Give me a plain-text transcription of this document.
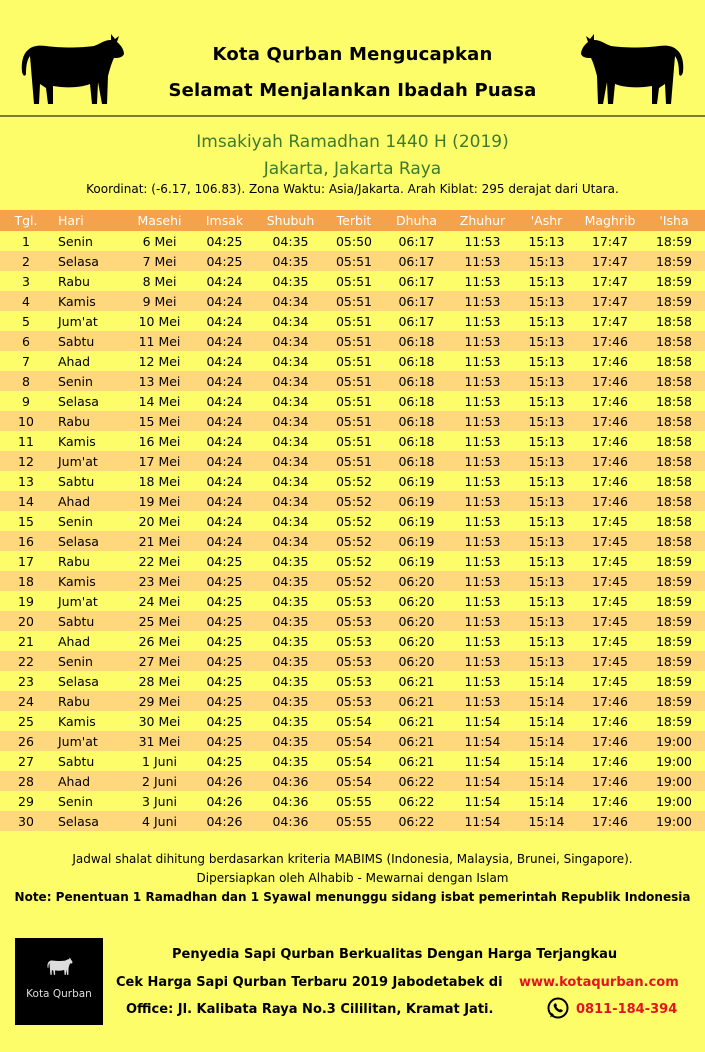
Kota Qurban Mengucapkan
Selamat Menjalankan Ibadah Puasa
Imsakiyah Ramadhan 1440 H (2019)
Jakarta, Jakarta Raya
Koordinat: (-6.17, 106.83). Zona Waktu: Asia/Jakarta. Arah Kiblat: 295 derajat dari Utara.
Tgl.	Hari	Masehi	Imsak	Shubuh	Terbit	Dhuha	Zhuhur	'Ashr	Maghrib	'Isha
1	Senin	6 Mei	04:25	04:35	05:50	06:17	11:53	15:13	17:47	18:59
2	Selasa	7 Mei	04:25	04:35	05:51	06:17	11:53	15:13	17:47	18:59
3	Rabu	8 Mei	04:24	04:35	05:51	06:17	11:53	15:13	17:47	18:59
4	Kamis	9 Mei	04:24	04:34	05:51	06:17	11:53	15:13	17:47	18:59
5	Jum'at	10 Mei	04:24	04:34	05:51	06:17	11:53	15:13	17:47	18:58
6	Sabtu	11 Mei	04:24	04:34	05:51	06:18	11:53	15:13	17:46	18:58
7	Ahad	12 Mei	04:24	04:34	05:51	06:18	11:53	15:13	17:46	18:58
8	Senin	13 Mei	04:24	04:34	05:51	06:18	11:53	15:13	17:46	18:58
9	Selasa	14 Mei	04:24	04:34	05:51	06:18	11:53	15:13	17:46	18:58
10	Rabu	15 Mei	04:24	04:34	05:51	06:18	11:53	15:13	17:46	18:58
11	Kamis	16 Mei	04:24	04:34	05:51	06:18	11:53	15:13	17:46	18:58
12	Jum'at	17 Mei	04:24	04:34	05:51	06:18	11:53	15:13	17:46	18:58
13	Sabtu	18 Mei	04:24	04:34	05:52	06:19	11:53	15:13	17:46	18:58
14	Ahad	19 Mei	04:24	04:34	05:52	06:19	11:53	15:13	17:46	18:58
15	Senin	20 Mei	04:24	04:34	05:52	06:19	11:53	15:13	17:45	18:58
16	Selasa	21 Mei	04:24	04:34	05:52	06:19	11:53	15:13	17:45	18:58
17	Rabu	22 Mei	04:25	04:35	05:52	06:19	11:53	15:13	17:45	18:59
18	Kamis	23 Mei	04:25	04:35	05:52	06:20	11:53	15:13	17:45	18:59
19	Jum'at	24 Mei	04:25	04:35	05:53	06:20	11:53	15:13	17:45	18:59
20	Sabtu	25 Mei	04:25	04:35	05:53	06:20	11:53	15:13	17:45	18:59
21	Ahad	26 Mei	04:25	04:35	05:53	06:20	11:53	15:13	17:45	18:59
22	Senin	27 Mei	04:25	04:35	05:53	06:20	11:53	15:13	17:45	18:59
23	Selasa	28 Mei	04:25	04:35	05:53	06:21	11:53	15:14	17:45	18:59
24	Rabu	29 Mei	04:25	04:35	05:53	06:21	11:53	15:14	17:46	18:59
25	Kamis	30 Mei	04:25	04:35	05:54	06:21	11:54	15:14	17:46	18:59
26	Jum'at	31 Mei	04:25	04:35	05:54	06:21	11:54	15:14	17:46	19:00
27	Sabtu	1 Juni	04:25	04:35	05:54	06:21	11:54	15:14	17:46	19:00
28	Ahad	2 Juni	04:26	04:36	05:54	06:22	11:54	15:14	17:46	19:00
29	Senin	3 Juni	04:26	04:36	05:55	06:22	11:54	15:14	17:46	19:00
30	Selasa	4 Juni	04:26	04:36	05:55	06:22	11:54	15:14	17:46	19:00
Jadwal shalat dihitung berdasarkan kriteria MABIMS (Indonesia, Malaysia, Brunei, Singapore).
Dipersiapkan oleh Alhabib - Mewarnai dengan Islam
Note: Penentuan 1 Ramadhan dan 1 Syawal menunggu sidang isbat pemerintah Republik Indonesia
Kota Qurban
Penyedia Sapi Qurban Berkualitas Dengan Harga Terjangkau
Cek Harga Sapi Qurban Terbaru 2019 Jabodetabek di www.kotaqurban.com
Office: Jl. Kalibata Raya No.3 Cililitan, Kramat Jati.	0811-184-394
